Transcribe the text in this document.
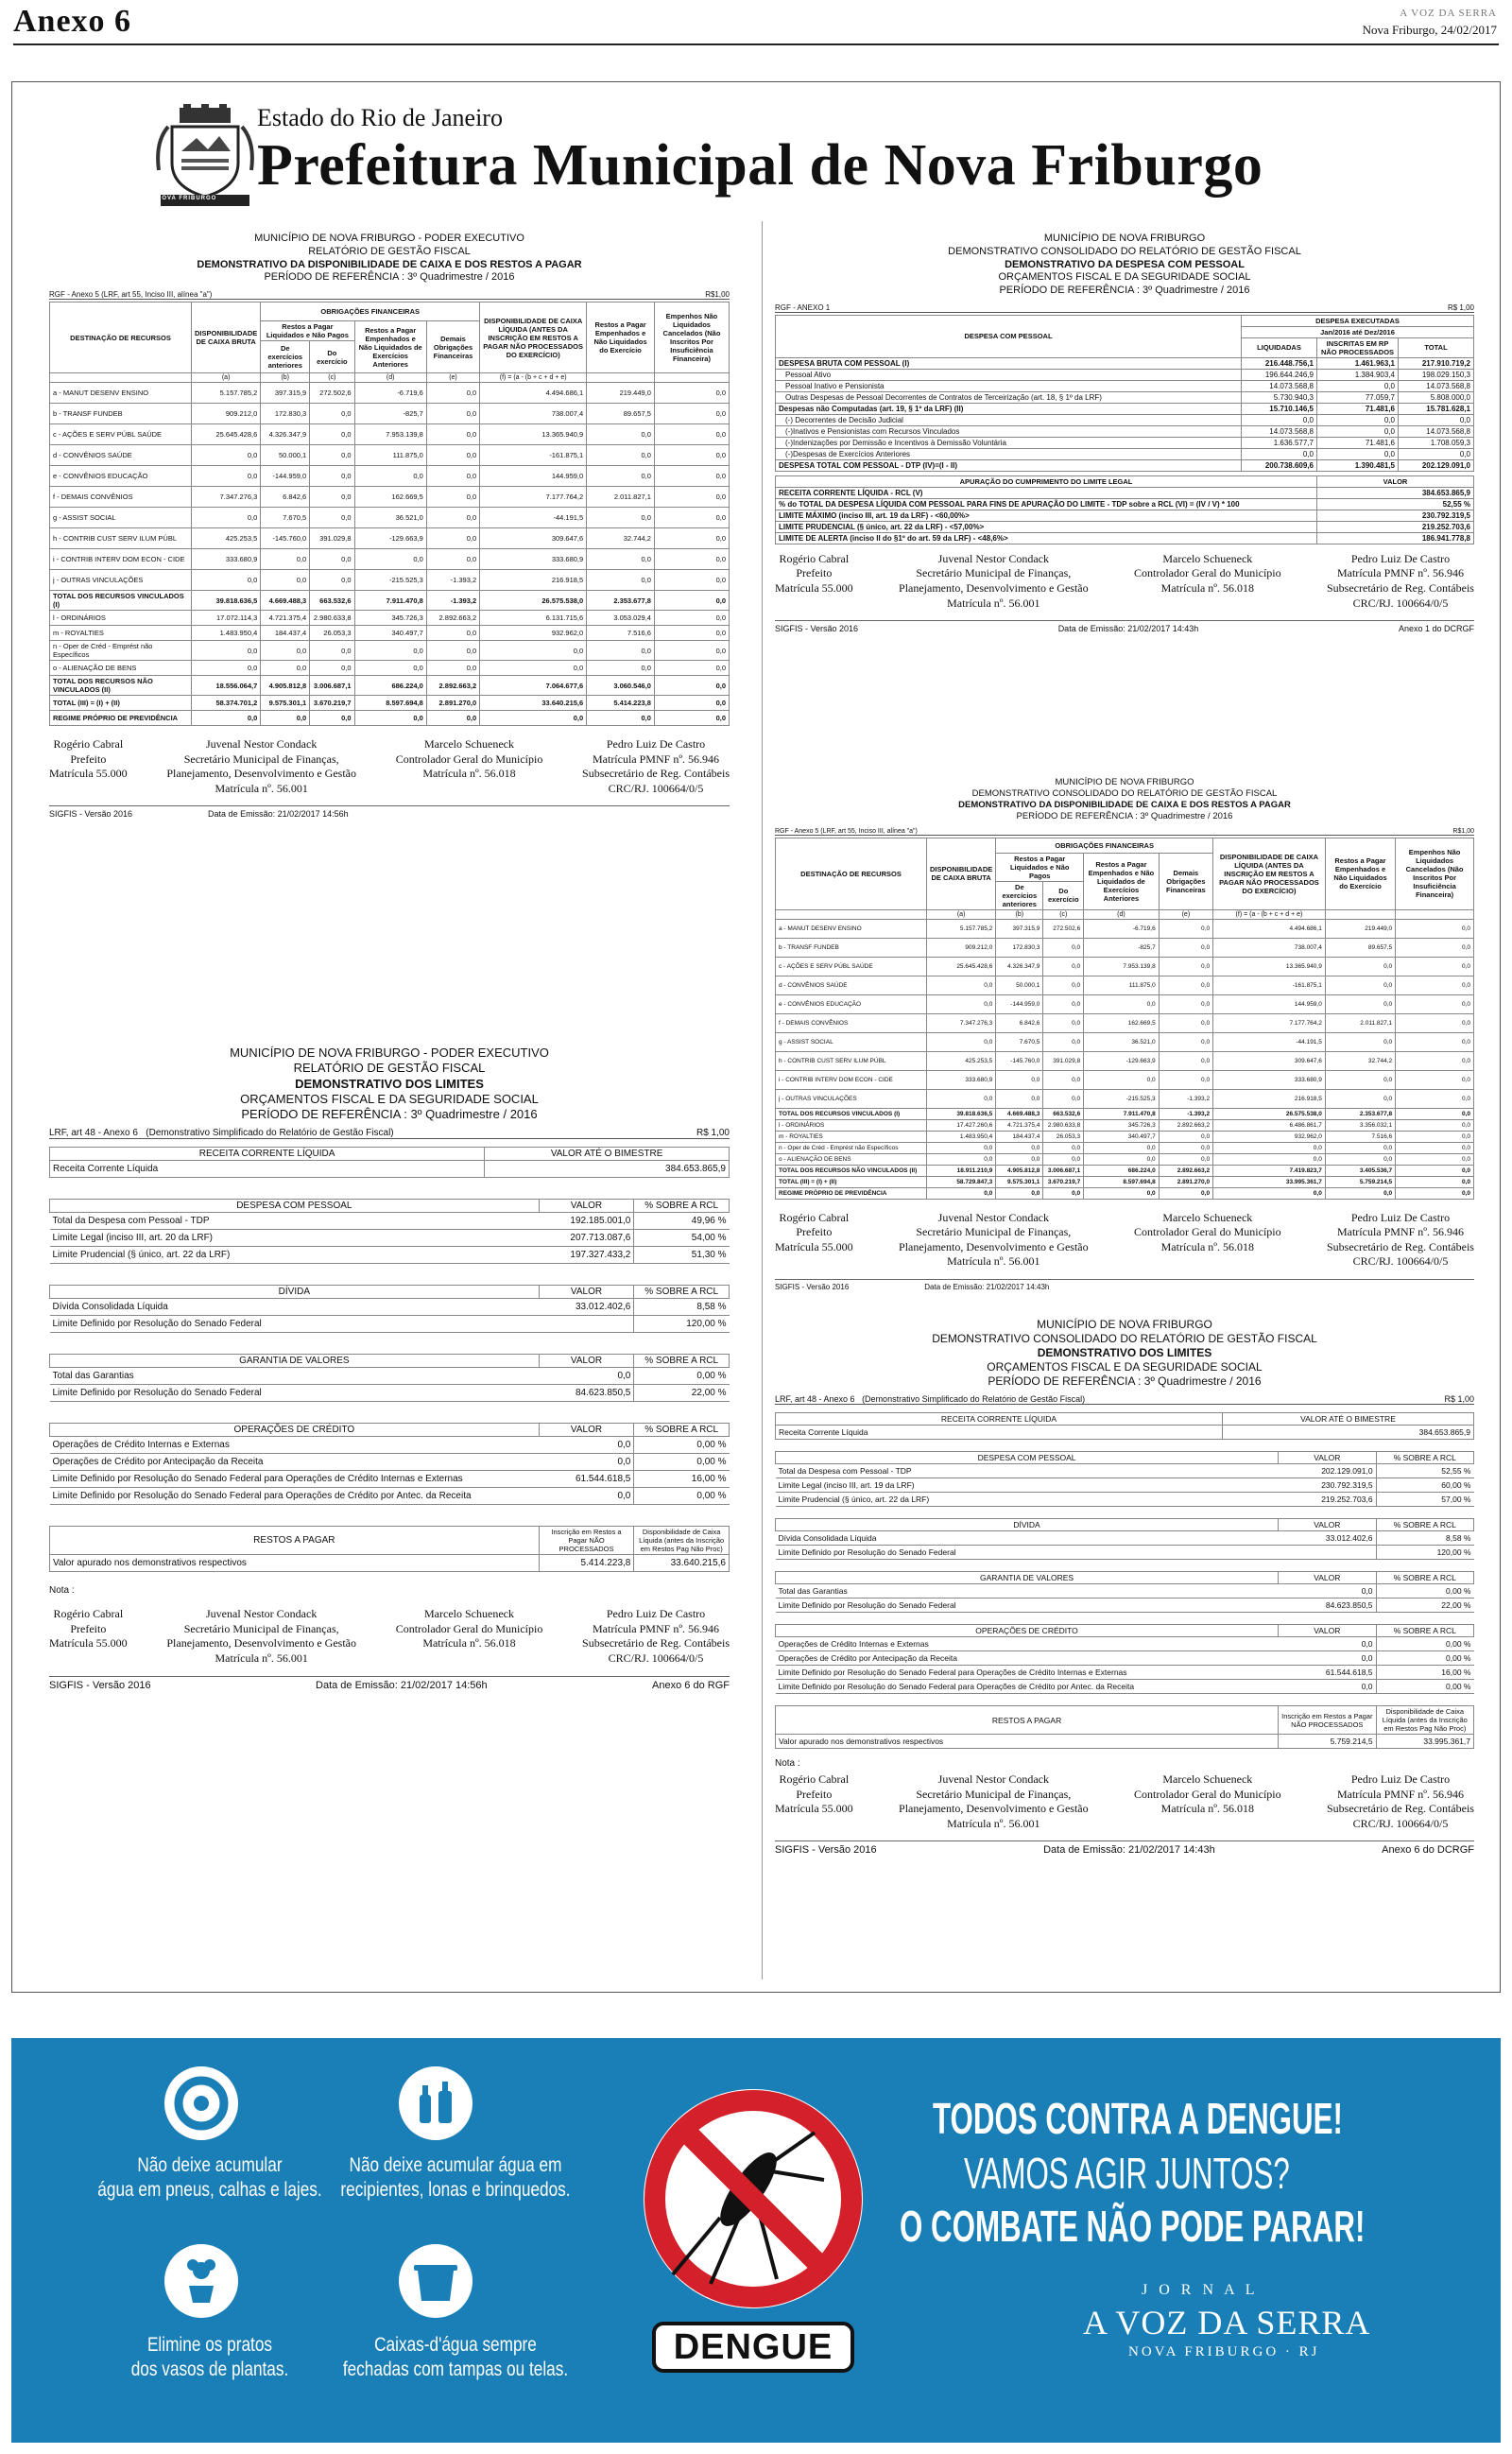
Anexo 6	A VOZ DA SERRA
Nova Friburgo, 24/02/2017
NOVA FRIBURGO
Estado do Rio de Janeiro
Prefeitura Municipal de Nova Friburgo
MUNICÍPIO DE NOVA FRIBURGO - PODER EXECUTIVO
RELATÓRIO DE GESTÃO FISCAL
DEMONSTRATIVO DA DISPONIBILIDADE DE CAIXA E DOS RESTOS A PAGAR
PERÍODO DE REFERÊNCIA : 3º Quadrimestre / 2016
RGF - Anexo 5 (LRF, art 55, Inciso III, alínea "a")	R$1,00
DESTINAÇÃO DE RECURSOS	DISPONIBILIDADE DE CAIXA BRUTA	OBRIGAÇÕES FINANCEIRAS				DISPONIBILIDADE DE CAIXA LÍQUIDA (ANTES DA INSCRIÇÃO EM RESTOS A PAGAR NÃO PROCESSADOS DO EXERCÍCIO)	Restos a Pagar Empenhados e Não Liquidados do Exercício	Empenhos Não Liquidados Cancelados (Não Inscritos Por Insuficiência Financeira)
		Restos a Pagar Liquidados e Não Pagos		Restos a Pagar Empenhados e Não Liquidados de Exercícios Anteriores	Demais Obrigações Financeiras			
		De exercícios anteriores	Do exercício					
	(a)	(b)	(c)	(d)	(e)	(f) = (a - (b + c + d + e)		
a - MANUT DESENV ENSINO	5.157.785,2	397.315,9	272.502,6	-6.719,6	0,0	4.494.686,1	219.449,0	0,0
b - TRANSF FUNDEB	909.212,0	172.830,3	0,0	-825,7	0,0	738.007,4	89.657,5	0,0
c - AÇÕES E SERV PÚBL SAÚDE	25.645.428,6	4.326.347,9	0,0	7.953.139,8	0,0	13.365.940,9	0,0	0,0
d - CONVÊNIOS SAÚDE	0,0	50.000,1	0,0	111.875,0	0,0	-161.875,1	0,0	0,0
e - CONVÊNIOS EDUCAÇÃO	0,0	-144.959,0	0,0	0,0	0,0	144.959,0	0,0	0,0
f - DEMAIS CONVÊNIOS	7.347.276,3	6.842,6	0,0	162.669,5	0,0	7.177.764,2	2.011.827,1	0,0
g - ASSIST SOCIAL	0,0	7.670,5	0,0	36.521,0	0,0	-44.191,5	0,0	0,0
h - CONTRIB CUST SERV ILUM PÚBL	425.253,5	-145.760,0	391.029,8	-129.663,9	0,0	309.647,6	32.744,2	0,0
i - CONTRIB INTERV DOM ECON - CIDE	333.680,9	0,0	0,0	0,0	0,0	333.680,9	0,0	0,0
j - OUTRAS VINCULAÇÕES	0,0	0,0	0,0	-215.525,3	-1.393,2	216.918,5	0,0	0,0
TOTAL DOS RECURSOS VINCULADOS (I)	39.818.636,5	4.669.488,3	663.532,6	7.911.470,8	-1.393,2	26.575.538,0	2.353.677,8	0,0
l - ORDINÁRIOS	17.072.114,3	4.721.375,4	2.980.633,8	345.726,3	2.892.663,2	6.131.715,6	3.053.029,4	0,0
m - ROYALTIES	1.483.950,4	184.437,4	26.053,3	340.497,7	0,0	932.962,0	7.516,6	0,0
n - Oper de Créd - Emprést não Específicos	0,0	0,0	0,0	0,0	0,0	0,0	0,0	0,0
o - ALIENAÇÃO DE BENS	0,0	0,0	0,0	0,0	0,0	0,0	0,0	0,0
TOTAL DOS RECURSOS NÃO VINCULADOS (II)	18.556.064,7	4.905.812,8	3.006.687,1	686.224,0	2.892.663,2	7.064.677,6	3.060.546,0	0,0
TOTAL (III) = (I) + (II)	58.374.701,2	9.575.301,1	3.670.219,7	8.597.694,8	2.891.270,0	33.640.215,6	5.414.223,8	0,0
REGIME PRÓPRIO DE PREVIDÊNCIA	0,0	0,0	0,0	0,0	0,0	0,0	0,0	0,0
Rogério Cabral
Prefeito
Matrícula 55.000
Juvenal Nestor Condack
Secretário Municipal de Finanças,
Planejamento, Desenvolvimento e Gestão
Matrícula nº. 56.001
Marcelo Schueneck
Controlador Geral do Município
Matrícula nº. 56.018
Pedro Luiz De Castro
Matrícula PMNF nº. 56.946
Subsecretário de Reg. Contábeis
CRC/RJ. 100664/0/5
SIGFIS - Versão 2016	Data de Emissão: 21/02/2017 14:56h
MUNICÍPIO DE NOVA FRIBURGO
DEMONSTRATIVO CONSOLIDADO DO RELATÓRIO DE GESTÃO FISCAL
DEMONSTRATIVO DA DESPESA COM PESSOAL
ORÇAMENTOS FISCAL E DA SEGURIDADE SOCIAL
PERÍODO DE REFERÊNCIA : 3º Quadrimestre / 2016
RGF - ANEXO 1	R$ 1,00
DESPESA COM PESSOAL	DESPESA EXECUTADAS		
	Jan/2016 até Dez/2016		
	LIQUIDADAS	INSCRITAS EM RP NÃO PROCESSADOS	TOTAL
DESPESA BRUTA COM PESSOAL (I)	216.448.756,1	1.461.963,1	217.910.719,2
Pessoal Ativo	196.644.246,9	1.384.903,4	198.029.150,3
Pessoal Inativo e Pensionista	14.073.568,8	0,0	14.073.568,8
Outras Despesas de Pessoal Decorrentes de Contratos de Terceirização (art. 18, § 1º da LRF)	5.730.940,3	77.059,7	5.808.000,0
Despesas não Computadas (art. 19, § 1º da LRF) (II)	15.710.146,5	71.481,6	15.781.628,1
(-) Decorrentes de Decisão Judicial	0,0	0,0	0,0
(-)Inativos e Pensionistas com Recursos Vinculados	14.073.568,8	0,0	14.073.568,8
(-)Indenizações por Demissão e Incentivos à Demissão Voluntária	1.636.577,7	71.481,6	1.708.059,3
(-)Despesas de Exercícios Anteriores	0,0	0,0	0,0
DESPESA TOTAL COM PESSOAL - DTP (IV)=(I - II)	200.738.609,6	1.390.481,5	202.129.091,0
APURAÇÃO DO CUMPRIMENTO DO LIMITE LEGAL	VALOR
RECEITA CORRENTE LÍQUIDA - RCL (V)	384.653.865,9
% do TOTAL DA DESPESA LÍQUIDA COM PESSOAL PARA FINS DE APURAÇÃO DO LIMITE - TDP sobre a RCL (VI) = (IV / V) * 100	52,55 %
LIMITE MÁXIMO (inciso III, art. 19 da LRF) - <60,00%>	230.792.319,5
LIMITE PRUDENCIAL (§ único, art. 22 da LRF) - <57,00%>	219.252.703,6
LIMITE DE ALERTA (inciso II do §1º do art. 59 da LRF) - <48,6%>	186.941.778,8
Rogério Cabral
Prefeito
Matrícula 55.000
Juvenal Nestor Condack
Secretário Municipal de Finanças,
Planejamento, Desenvolvimento e Gestão
Matrícula nº. 56.001
Marcelo Schueneck
Controlador Geral do Município
Matrícula nº. 56.018
Pedro Luiz De Castro
Matrícula PMNF nº. 56.946
Subsecretário de Reg. Contábeis
CRC/RJ. 100664/0/5
SIGFIS - Versão 2016	Data de Emissão: 21/02/2017 14:43h	Anexo 1 do DCRGF
MUNICÍPIO DE NOVA FRIBURGO - PODER EXECUTIVO
RELATÓRIO DE GESTÃO FISCAL
DEMONSTRATIVO DOS LIMITES
ORÇAMENTOS FISCAL E DA SEGURIDADE SOCIAL
PERÍODO DE REFERÊNCIA : 3º Quadrimestre / 2016
LRF, art 48 - Anexo 6 (Demonstrativo Simplificado do Relatório de Gestão Fiscal)	R$ 1,00
RECEITA CORRENTE LÍQUIDA	VALOR ATÉ O BIMESTRE
Receita Corrente Líquida	384.653.865,9
DESPESA COM PESSOAL	VALOR	% SOBRE A RCL
Total da Despesa com Pessoal - TDP	192.185.001,0	49,96 %
Limite Legal (inciso III, art. 20 da LRF)	207.713.087,6	54,00 %
Limite Prudencial (§ único, art. 22 da LRF)	197.327.433,2	51,30 %
DÍVIDA	VALOR	% SOBRE A RCL
Dívida Consolidada Líquida	33.012.402,6	8,58 %
Limite Definido por Resolução do Senado Federal		120,00 %
GARANTIA DE VALORES	VALOR	% SOBRE A RCL
Total das Garantias	0,0	0,00 %
Limite Definido por Resolução do Senado Federal	84.623.850,5	22,00 %
OPERAÇÕES DE CRÉDITO	VALOR	% SOBRE A RCL
Operações de Crédito Internas e Externas	0,0	0,00 %
Operações de Crédito por Antecipação da Receita	0,0	0,00 %
Limite Definido por Resolução do Senado Federal para Operações de Crédito Internas e Externas	61.544.618,5	16,00 %
Limite Definido por Resolução do Senado Federal para Operações de Crédito por Antec. da Receita	0,0	0,00 %
RESTOS A PAGAR	Inscrição em Restos a Pagar NÃO PROCESSADOS	Disponibilidade de Caixa Líquida (antes da Inscrição em Restos Pag Não Proc)
Valor apurado nos demonstrativos respectivos	5.414.223,8	33.640.215,6
Nota :
Rogério Cabral
Prefeito
Matrícula 55.000
Juvenal Nestor Condack
Secretário Municipal de Finanças,
Planejamento, Desenvolvimento e Gestão
Matrícula nº. 56.001
Marcelo Schueneck
Controlador Geral do Município
Matrícula nº. 56.018
Pedro Luiz De Castro
Matrícula PMNF nº. 56.946
Subsecretário de Reg. Contábeis
CRC/RJ. 100664/0/5
SIGFIS - Versão 2016	Data de Emissão: 21/02/2017 14:56h	Anexo 6 do RGF
MUNICÍPIO DE NOVA FRIBURGO
DEMONSTRATIVO CONSOLIDADO DO RELATÓRIO DE GESTÃO FISCAL
DEMONSTRATIVO DA DISPONIBILIDADE DE CAIXA E DOS RESTOS A PAGAR
PERÍODO DE REFERÊNCIA : 3º Quadrimestre / 2016
RGF - Anexo 5 (LRF, art 55, Inciso III, alínea "a")	R$1,00
DESTINAÇÃO DE RECURSOS	DISPONIBILIDADE DE CAIXA BRUTA	OBRIGAÇÕES FINANCEIRAS				DISPONIBILIDADE DE CAIXA LÍQUIDA (ANTES DA INSCRIÇÃO EM RESTOS A PAGAR NÃO PROCESSADOS DO EXERCÍCIO)	Restos a Pagar Empenhados e Não Liquidados do Exercício	Empenhos Não Liquidados Cancelados (Não Inscritos Por Insuficiência Financeira)
		Restos a Pagar Liquidados e Não Pagos		Restos a Pagar Empenhados e Não Liquidados de Exercícios Anteriores	Demais Obrigações Financeiras			
		De exercícios anteriores	Do exercício					
	(a)	(b)	(c)	(d)	(e)	(f) = (a - (b + c + d + e)		
a - MANUT DESENV ENSINO	5.157.785,2	397.315,9	272.502,6	-6.719,6	0,0	4.494.686,1	219.449,0	0,0
b - TRANSF FUNDEB	909.212,0	172.830,3	0,0	-825,7	0,0	738.007,4	89.657,5	0,0
c - AÇÕES E SERV PÚBL SAÚDE	25.645.428,6	4.326.347,9	0,0	7.953.139,8	0,0	13.365.940,9	0,0	0,0
d - CONVÊNIOS SAÚDE	0,0	50.000,1	0,0	111.875,0	0,0	-161.875,1	0,0	0,0
e - CONVÊNIOS EDUCAÇÃO	0,0	-144.959,0	0,0	0,0	0,0	144.959,0	0,0	0,0
f - DEMAIS CONVÊNIOS	7.347.276,3	6.842,6	0,0	162.669,5	0,0	7.177.764,2	2.011.827,1	0,0
g - ASSIST SOCIAL	0,0	7.670,5	0,0	36.521,0	0,0	-44.191,5	0,0	0,0
h - CONTRIB CUST SERV ILUM PÚBL	425.253,5	-145.760,0	391.029,8	-129.663,9	0,0	309.647,6	32.744,2	0,0
i - CONTRIB INTERV DOM ECON - CIDE	333.680,9	0,0	0,0	0,0	0,0	333.680,9	0,0	0,0
j - OUTRAS VINCULAÇÕES	0,0	0,0	0,0	-215.525,3	-1.393,2	216.918,5	0,0	0,0
TOTAL DOS RECURSOS VINCULADOS (I)	39.818.636,5	4.669.488,3	663.532,6	7.911.470,8	-1.393,2	26.575.538,0	2.353.677,8	0,0
l - ORDINÁRIOS	17.427.260,6	4.721.375,4	2.980.633,8	345.726,3	2.892.663,2	6.486.861,7	3.356.032,1	0,0
m - ROYALTIES	1.483.950,4	184.437,4	26.053,3	340.497,7	0,0	932.962,0	7.516,6	0,0
n - Oper de Créd - Emprést não Específicos	0,0	0,0	0,0	0,0	0,0	0,0	0,0	0,0
o - ALIENAÇÃO DE BENS	0,0	0,0	0,0	0,0	0,0	0,0	0,0	0,0
TOTAL DOS RECURSOS NÃO VINCULADOS (II)	18.911.210,9	4.905.812,8	3.006.687,1	686.224,0	2.892.663,2	7.419.823,7	3.405.536,7	0,0
TOTAL (III) = (I) + (II)	58.729.847,3	9.575.301,1	3.670.219,7	8.597.694,8	2.891.270,0	33.995.361,7	5.759.214,5	0,0
REGIME PRÓPRIO DE PREVIDÊNCIA	0,0	0,0	0,0	0,0	0,0	0,0	0,0	0,0
Rogério Cabral
Prefeito
Matrícula 55.000
Juvenal Nestor Condack
Secretário Municipal de Finanças,
Planejamento, Desenvolvimento e Gestão
Matrícula nº. 56.001
Marcelo Schueneck
Controlador Geral do Município
Matrícula nº. 56.018
Pedro Luiz De Castro
Matrícula PMNF nº. 56.946
Subsecretário de Reg. Contábeis
CRC/RJ. 100664/0/5
SIGFIS - Versão 2016	Data de Emissão: 21/02/2017 14:43h
MUNICÍPIO DE NOVA FRIBURGO
DEMONSTRATIVO CONSOLIDADO DO RELATÓRIO DE GESTÃO FISCAL
DEMONSTRATIVO DOS LIMITES
ORÇAMENTOS FISCAL E DA SEGURIDADE SOCIAL
PERÍODO DE REFERÊNCIA : 3º Quadrimestre / 2016
LRF, art 48 - Anexo 6 (Demonstrativo Simplificado do Relatório de Gestão Fiscal)	R$ 1,00
RECEITA CORRENTE LÍQUIDA	VALOR ATÉ O BIMESTRE
Receita Corrente Líquida	384.653.865,9
DESPESA COM PESSOAL	VALOR	% SOBRE A RCL
Total da Despesa com Pessoal - TDP	202.129.091,0	52,55 %
Limite Legal (inciso III, art. 19 da LRF)	230.792.319,5	60,00 %
Limite Prudencial (§ único, art. 22 da LRF)	219.252.703,6	57,00 %
DÍVIDA	VALOR	% SOBRE A RCL
Dívida Consolidada Líquida	33.012.402,6	8,58 %
Limite Definido por Resolução do Senado Federal		120,00 %
GARANTIA DE VALORES	VALOR	% SOBRE A RCL
Total das Garantias	0,0	0,00 %
Limite Definido por Resolução do Senado Federal	84.623.850,5	22,00 %
OPERAÇÕES DE CRÉDITO	VALOR	% SOBRE A RCL
Operações de Crédito Internas e Externas	0,0	0,00 %
Operações de Crédito por Antecipação da Receita	0,0	0,00 %
Limite Definido por Resolução do Senado Federal para Operações de Crédito Internas e Externas	61.544.618,5	16,00 %
Limite Definido por Resolução do Senado Federal para Operações de Crédito por Antec. da Receita	0,0	0,00 %
RESTOS A PAGAR	Inscrição em Restos a Pagar NÃO PROCESSADOS	Disponibilidade de Caixa Líquida (antes da Inscrição em Restos Pag Não Proc)
Valor apurado nos demonstrativos respectivos	5.759.214,5	33.995.361,7
Nota :
Rogério Cabral
Prefeito
Matrícula 55.000
Juvenal Nestor Condack
Secretário Municipal de Finanças,
Planejamento, Desenvolvimento e Gestão
Matrícula nº. 56.001
Marcelo Schueneck
Controlador Geral do Município
Matrícula nº. 56.018
Pedro Luiz De Castro
Matrícula PMNF nº. 56.946
Subsecretário de Reg. Contábeis
CRC/RJ. 100664/0/5
SIGFIS - Versão 2016	Data de Emissão: 21/02/2017 14:43h	Anexo 6 do DCRGF
Não deixe acumular
água em pneus, calhas e lajes.
Não deixe acumular água em
recipientes, lonas e brinquedos.
Elimine os pratos
dos vasos de plantas.
Caixas-d'água sempre
fechadas com tampas ou telas.
DENGUE
TODOS CONTRA A DENGUE!
VAMOS AGIR JUNTOS?
O COMBATE NÃO PODE PARAR!
J O R N A L
A VOZ DA SERRA
NOVA FRIBURGO · RJ
